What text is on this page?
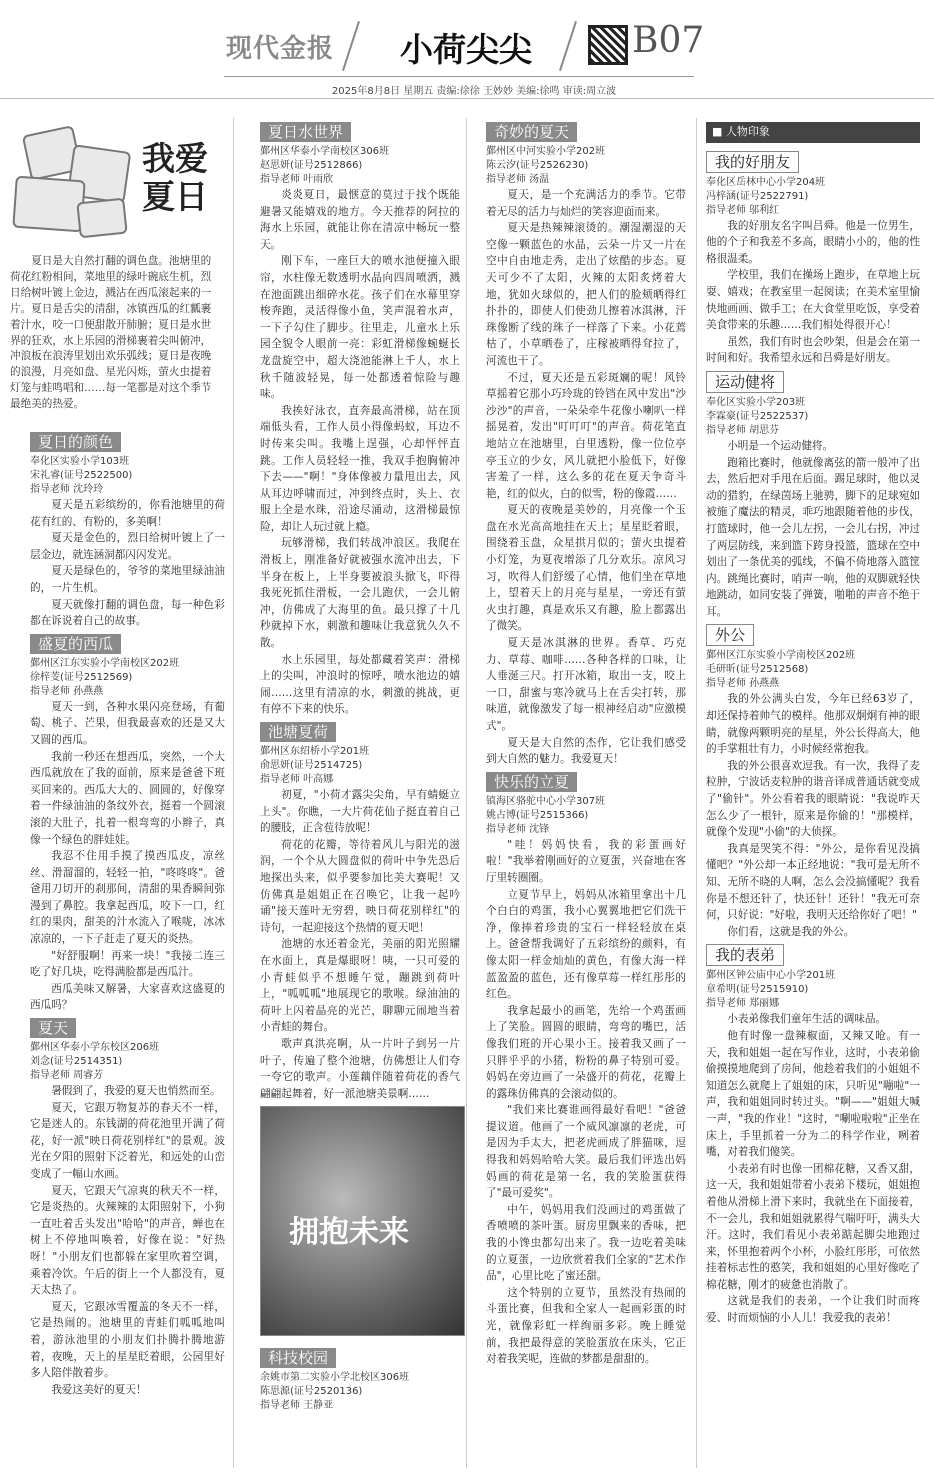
现代金报 小荷尖尖	B07
2025年8月8日 星期五 责编:徐徐 王妙妙 美编:徐鸣 审读:周立波
我爱
夏日
夏日是大自然打翻的调色盘。池塘里的荷花红粉相间，菜地里的绿叶碗底生机，烈日给树叶镀上金边，溅沾在西瓜滚起来的一片。夏日是舌尖的清甜，冰镇西瓜的红瓤裹着汁水，咬一口便甜散开肺腑；夏日是水世界的狂欢，水上乐园的滑梯裹着尖叫俯冲，冲浪板在浪涛里划出欢乐弧线；夏日是夜晚的浪漫，月亮如盘、星光闪烁，萤火虫提着灯笼与蛙鸣唱和……每一笔都是对这个季节最绝美的热爱。
夏日的颜色
奉化区实验小学103班
宋礼睿(证号2522500)
指导老师 沈玲玲

夏天是五彩缤纷的，你看池塘里的荷花有红的、有粉的，多美啊！

夏天是金色的，烈日给树叶镀上了一层金边，就连涵洞都闪闪发光。

夏天是绿色的，爷爷的菜地里绿油油的，一片生机。

夏天就像打翻的调色盘，每一种色彩都在诉说着自己的故事。

盛夏的西瓜
鄞州区江东实验小学南校区202班
徐梓芰(证号2512569)
指导老师 孙燕燕

夏天一到，各种水果闪亮登场，有葡萄、桃子、芒果，但我最喜欢的还是又大又圆的西瓜。

我前一秒还在想西瓜，突然，一个大西瓜就放在了我的面前，原来是爸爸下班买回来的。西瓜大大的、圆圆的，好像穿着一件绿油油的条纹外衣，挺着一个圆滚滚的大肚子，扎着一根弯弯的小辫子，真像一个绿色的胖娃娃。

我忍不住用手摸了摸西瓜皮，凉丝丝、滑溜溜的，轻轻一拍，"咚咚咚"。爸爸用刀切开的刹那间，清甜的果香瞬间弥漫到了鼻腔。我拿起西瓜，咬下一口，红红的果肉，甜美的汁水流入了喉咙，冰冰凉凉的，一下子赶走了夏天的炎热。

"好舒服啊！再来一块！"我接二连三吃了好几块，吃得满脸都是西瓜汁。

西瓜美味又解暑，大家喜欢这盛夏的西瓜吗？

夏天
鄞州区华泰小学东校区206班
刘念(证号2514351)
指导老师 周睿芳

暑假到了，我爱的夏天也悄然而至。

夏天，它跟万物复苏的春天不一样，它是迷人的。东钱湖的荷花池里开满了荷花，好一派"映日荷花别样红"的景观。波光在夕阳的照射下泛着光，和远处的山峦变成了一幅山水画。

夏天，它跟天气凉爽的秋天不一样，它是炎热的。火辣辣的太阳照射下，小狗一直吐着舌头发出"哈哈"的声音，蝉也在树上不停地叫唤着，好像在说："好热呀！"小朋友们也都躲在家里吹着空调，乘着冷饮。午后的街上一个人都没有，夏天太热了。

夏天，它跟冰雪覆盖的冬天不一样，它是热闹的。池塘里的青蛙们呱呱地叫着，游泳池里的小朋友们扑腾扑腾地游着，夜晚，天上的星星眨着眼，公园里好多人陪伴散着步。

我爱这美好的夏天！

夏日水世界
鄞州区华泰小学南校区306班
赵思妍(证号2512866)
指导老师 叶雨欣

炎炎夏日，最惬意的莫过于找个既能避暑又能嬉戏的地方。今天推荐的阿拉的海水上乐园，就能让你在清凉中畅玩一整天。

刚下车，一座巨大的喷水池便撞入眼帘，水柱像无数透明水晶向四周喷洒，溅在池面跳出细碎水花。孩子们在水幕里穿梭奔跑，灵活得像小鱼，笑声混着水声，一下子勾住了脚步。往里走，儿童水上乐园全貌令人眼前一亮：彩虹滑梯像蜿蜒长龙盘旋空中，超大浇池能淋上千人，水上秋千随波轻晃，每一处都透着惊险与趣味。

我挨好泳衣，直奔最高滑梯，站在顶端低头看，工作人员小得像蚂蚁，耳边不时传来尖叫。我嘴上逞强，心却怦怦直跳。工作人员轻轻一推，我双手抱胸俯冲下去——"啊！"身体像被力量甩出去，风从耳边呼啸而过，冲到终点时，头上、衣服上全是水珠，沿途尽涌动，这滑梯最惊险，却让人玩过就上瘾。

玩够滑梯，我们转战冲浪区。我爬在滑板上，刚准备好就被强水流冲出去，下半身在板上，上半身要被浪头掀飞，吓得我死死抓住滑板，一会儿跑伏，一会儿俯冲，仿佛成了大海里的鱼。最只撑了十几秒就掉下水，刺激和趣味让我意犹久久不散。

水上乐园里，每处都藏着笑声：滑梯上的尖叫，冲浪时的惊呼，喷水池边的嬉闹……这里有清凉的水，刺激的挑战，更有停不下来的快乐。

池塘夏荷
鄞州区东绍桥小学201班
俞思妍(证号2514725)
指导老师 叶高娜

初夏，"小荷才露尖尖角，早有蜻蜓立上头"。你瞧，一大片荷花仙子挺直着自己的腰肢，正含苞待放呢！

荷花的花瓣，等待着风儿与阳光的滋润，一个个从大圆盘似的荷叶中争先恐后地探出头来，似乎要参加比美大赛呢！又仿佛真是姐姐正在召唤它，让我一起吟诵"接天莲叶无穷碧，映日荷花别样红"的诗句，一起迎接这个热情的夏天吧！

池塘的水还着金光，美丽的阳光照耀在水面上，真是爆眼呀！咦，一只可爱的小青蛙似乎不想睡午觉，蹦跳到荷叶上，"呱呱呱"地展现它的歌喉。绿油油的荷叶上闪着晶亮的光芒，聊聊元闹地当着小青蛙的舞台。

歌声真洪亮啊，从一片叶子到另一片叶子，传遍了整个池塘，仿佛想让人们夸一夸它的歌声。小莲藕伴随着荷花的香气翩翩起舞着，好一派池塘美景啊……

拥抱未来
科技校园
余姚市第二实验小学北校区306班
陈思源(证号2520136)
指导老师 王静亚
奇妙的夏天
鄞州区中河实验小学202班
陈云汐(证号2526230)
指导老师 汤温

夏天，是一个充满活力的季节。它带着无尽的活力与灿烂的笑容迎面而来。

夏天是热辣辣滚烫的。潮湿潮湿的天空像一颗蓝色的水晶，云朵一片又一片在空中自由地走秀，走出了炫酷的步态。夏天可少不了太阳，火辣的太阳炙烤着大地，犹如火球似的，把人们的脸颊晒得红扑扑的，即使人们使劲儿擦着冰淇淋，汗珠像断了线的珠子一样落了下来。小花蔫枯了，小草晒卷了，庄稼被晒得耷拉了，河流也干了。

不过，夏天还是五彩斑斓的呢！风铃草摇着它那小巧玲珑的铃铛在风中发出"沙沙沙"的声音，一朵朵牵牛花像小喇叭一样摇晃着，发出"叮叮叮"的声音。荷花笔直地站立在池塘里，白里透粉，像一位位亭亭玉立的少女，风儿就把小脸低下，好像害羞了一样，这么多的花在夏天争奇斗艳，红的似火，白的似雪，粉的像霞……

夏天的夜晚是美妙的，月亮像一个玉盘在水光高高地挂在天上；星星眨着眼，围绕着玉盘，众星拱月似的；萤火虫提着小灯笼，为夏夜增添了几分欢乐。凉风习习，吹得人们舒缓了心情，他们坐在草地上，望着天上的月亮与星星，一旁还有萤火虫打趣，真是欢乐又有趣，脸上都露出了微笑。

夏天是冰淇淋的世界。香草、巧克力、草莓、咖啡……各种各样的口味，让人垂涎三尺。打开冰箱，取出一支，咬上一口，甜蜜与寒冷就马上在舌尖打转，那味道，就像激发了每一根神经启动"应激模式"。

夏天是大自然的杰作，它让我们感受到大自然的魅力。我爱夏天！

快乐的立夏
镇海区骆驼中心小学307班
姚占博(证号2515366)
指导老师 沈锋

"哇！妈妈快看，我的彩蛋画好啦！"我举着刚画好的立夏蛋，兴奋地在客厅里转圈圈。

立夏节早上，妈妈从冰箱里拿出十几个白白的鸡蛋，我小心翼翼地把它们洗干净，像捧着珍贵的宝石一样轻轻放在桌上。爸爸帮我调好了五彩缤纷的颜料，有像太阳一样金灿灿的黄色，有像大海一样蓝盈盈的蓝色，还有像草莓一样红彤彤的红色。

我拿起最小的画笔，先给一个鸡蛋画上了笑脸。圆圆的眼睛，弯弯的嘴巴，活像我们班的开心果小王。接着我又画了一只胖乎乎的小猪，粉粉的鼻子特别可爱。妈妈在旁边画了一朵盛开的荷花，花瓣上的露珠仿佛真的会滚动似的。

"我们来比赛谁画得最好看吧！"爸爸提议道。他画了一个威风凛凛的老虎，可是因为手太大，把老虎画成了胖猫咪，逗得我和妈妈哈哈大笑。最后我们评选出妈妈画的荷花是第一名，我的笑脸蛋获得了"最可爱奖"。

中午，妈妈用我们没画过的鸡蛋做了香喷喷的茶叶蛋。厨房里飘来的香味，把我的小馋虫都勾出来了。我一边吃着美味的立夏蛋，一边欣赏着我们全家的"艺术作品"，心里比吃了蜜还甜。

这个特别的立夏节，虽然没有热闹的斗蛋比赛，但我和全家人一起画彩蛋的时光，就像彩虹一样绚丽多彩。晚上睡觉前，我把最得意的笑脸蛋放在床头，它正对着我笑呢，连做的梦都是甜甜的。

■ 人物印象
我的好朋友
奉化区岳林中心小学204班
冯梓涵(证号2522791)
指导老师 邬利红

我的好朋友名字叫吕舜。他是一位男生，他的个子和我差不多高，眼睛小小的，他的性格很温柔。

学校里，我们在操场上跑步，在草地上玩耍、嬉戏；在教室里一起阅读；在美术室里愉快地画画、做手工；在大食堂里吃饭，享受着美食带来的乐趣……我们相处得很开心！

虽然，我们有时也会吵架，但是会在第一时间和好。我希望永远和吕舜是好朋友。

运动健将
奉化区实验小学203班
李霖豪(证号2522537)
指导老师 胡思芬

小明是一个运动健将。

跑箱比赛时，他就像离弦的箭一般冲了出去，然后把对手甩在后面。踢足球时，他以灵动的猎豹，在绿茵场上驰骋，脚下的足球宛如被施了魔法的精灵，乖巧地跟随着他的步伐，打篮球时，他一会儿左拐，一会儿右拐，冲过了两层防线，来到篮下跨身投篮，篮球在空中划出了一条优美的弧线，不偏不倚地落入篮筐内。跳绳比赛时，哨声一响，他的双脚就轻快地跳动，如同安装了弹簧，啪啪的声音不绝于耳。

外公
鄞州区江东实验小学南校区202班
毛研昕(证号2512568)
指导老师 孙燕燕

我的外公满头白发，今年已经63岁了，却还保持着帅气的模样。他那双炯炯有神的眼睛，就像两颗明亮的星星，外公长得高大，他的手掌粗壮有力，小时候经常抱我。

我的外公很喜欢逗我。有一次，我得了麦粒肿，宁波话麦粒肿的谐音译成普通话就变成了"偷针"。外公看着我的眼睛说："我说昨天怎么少了一根针，原来是你偷的！"那模样，就像个发现"小偷"的大侦探。

我真是哭笑不得："外公，是你看见没搞懂吧？"外公却一本正经地说："我可是无所不知、无所不晓的人啊，怎么会没搞懂呢？我看你是不想还针了，快还针！还针！"我无可奈何，只好说："好啦，我明天还给你好了吧！"

你们看，这就是我的外公。

我的表弟
鄞州区钟公庙中心小学201班
章希明(证号2515910)
指导老师 郑丽娜

小表弟像我们童年生活的调味品。

他有时像一盘辣椒面，又辣又呛。有一天，我和姐姐一起在写作业，这时，小表弟偷偷摸摸地爬到了房间，他趁着我们的小姐姐不知道怎么就爬上了姐姐的床，只听见"嘣啦"一声，我和姐姐同时转过头。"啊——"姐姐大喊一声，"我的作业！"这时，"唰啦啦啦"正坐在床上，手里抓着一分为二的科学作业，咧着嘴，对着我们傻笑。

小表弟有时也像一团棉花糖，又香又甜，这一天，我和姐姐带着小表弟下楼玩，姐姐抱着他从滑梯上滑下来时，我就坐在下面接着，不一会儿，我和姐姐就累得气喘吁吁，满头大汗。这时，我们看见小表弟踮起脚尖地跑过来，怀里抱着两个小杯，小脸红彤彤，可依然挂着标志性的憨笑，我和姐姐的心里好像吃了棉花糖，刚才的疲惫也消散了。

这就是我们的表弟，一个让我们时而疼爱、时而烦恼的小人儿！我爱我的表弟！
